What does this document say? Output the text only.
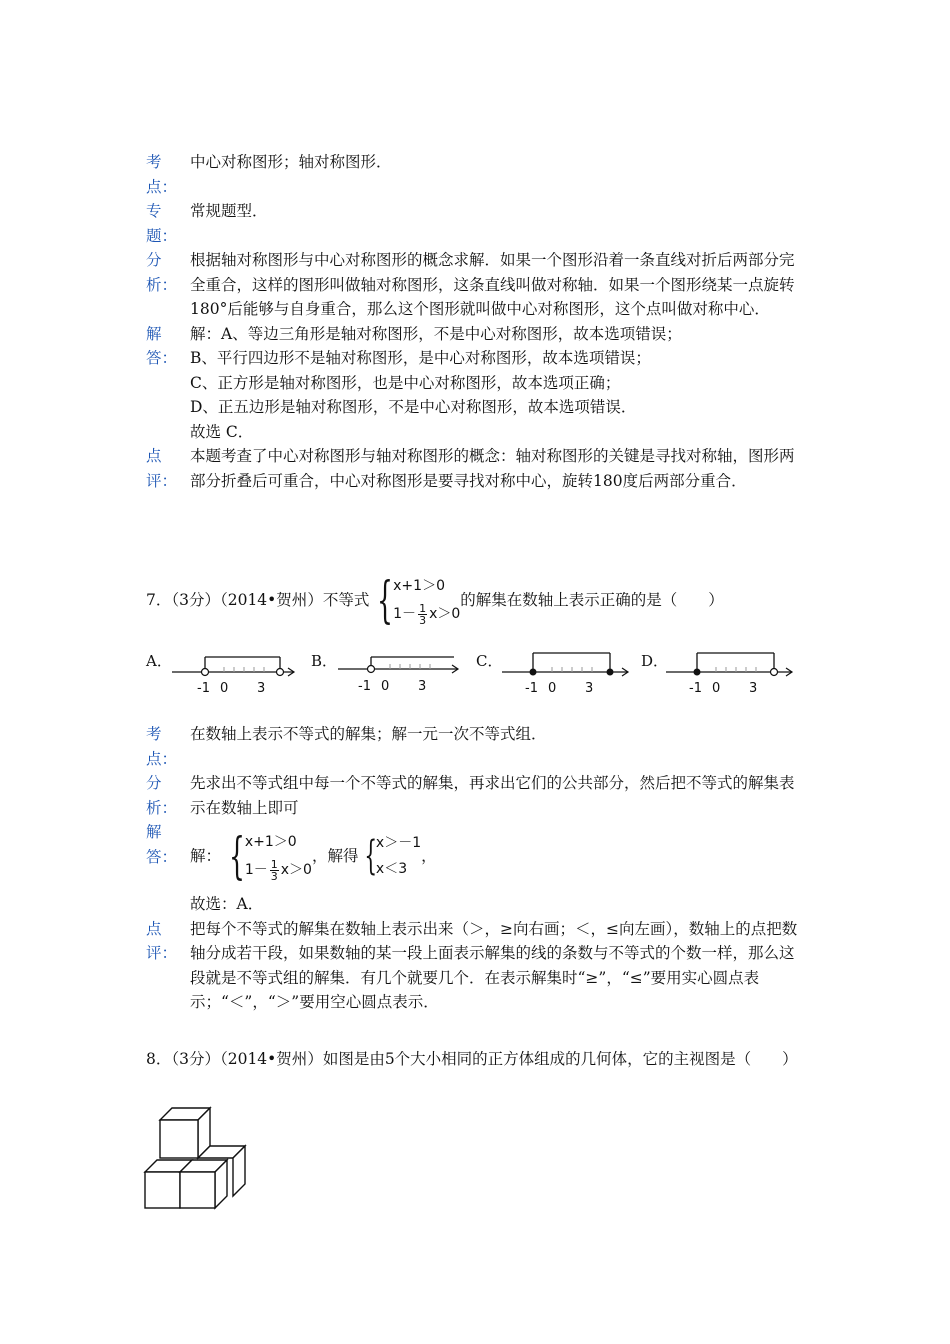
考点：
中心对称图形；轴对称图形．
专题：
常规题型．
分析：
根据轴对称图形与中心对称图形的概念求解．如果一个图形沿着一条直线对折后两部分完全重合，这样的图形叫做轴对称图形，这条直线叫做对称轴．如果一个图形绕某一点旋转180°后能够与自身重合，那么这个图形就叫做中心对称图形，这个点叫做对称中心．
解答：
解：A、等边三角形是轴对称图形，不是中心对称图形，故本选项错误；
B、平行四边形不是轴对称图形，是中心对称图形，故本选项错误；
C、正方形是轴对称图形，也是中心对称图形，故本选项正确；
D、正五边形是轴对称图形，不是中心对称图形，故本选项错误．
故选 C．
点评：
本题考查了中心对称图形与轴对称图形的概念：轴对称图形的关键是寻找对称轴，图形两部分折叠后可重合，中心对称图形是要寻找对称中心，旋转180度后两部分重合．
7．（3分）（2014•贺州）不等式 { x+1＞0
$1- \frac{1}{3} x>0$
的解集在数轴上表示正确的是（　　）
A．	B．	C．	D．
-1 0 3	-1 0 3	-1 0 3	-1 0 3
考点：
在数轴上表示不等式的解集；解一元一次不等式组．
分析：
先求出不等式组中每一个不等式的解集，再求出它们的公共部分，然后把不等式的解集表示在数轴上即可
解答： 解： { x+1＞0
$1- \frac{1}{3} x>0$
，解得 {
x＞－1
x＜3
，
故选：A．
点评：
把每个不等式的解集在数轴上表示出来（＞，≥向右画；＜，≤向左画），数轴上的点把数轴分成若干段，如果数轴的某一段上面表示解集的线的条数与不等式的个数一样，那么这段就是不等式组的解集．有几个就要几个．在表示解集时“≥”，“≤”要用实心圆点表示；“＜”，“＞”要用空心圆点表示．
8．（3分）（2014•贺州）如图是由5个大小相同的正方体组成的几何体，它的主视图是（　　）
